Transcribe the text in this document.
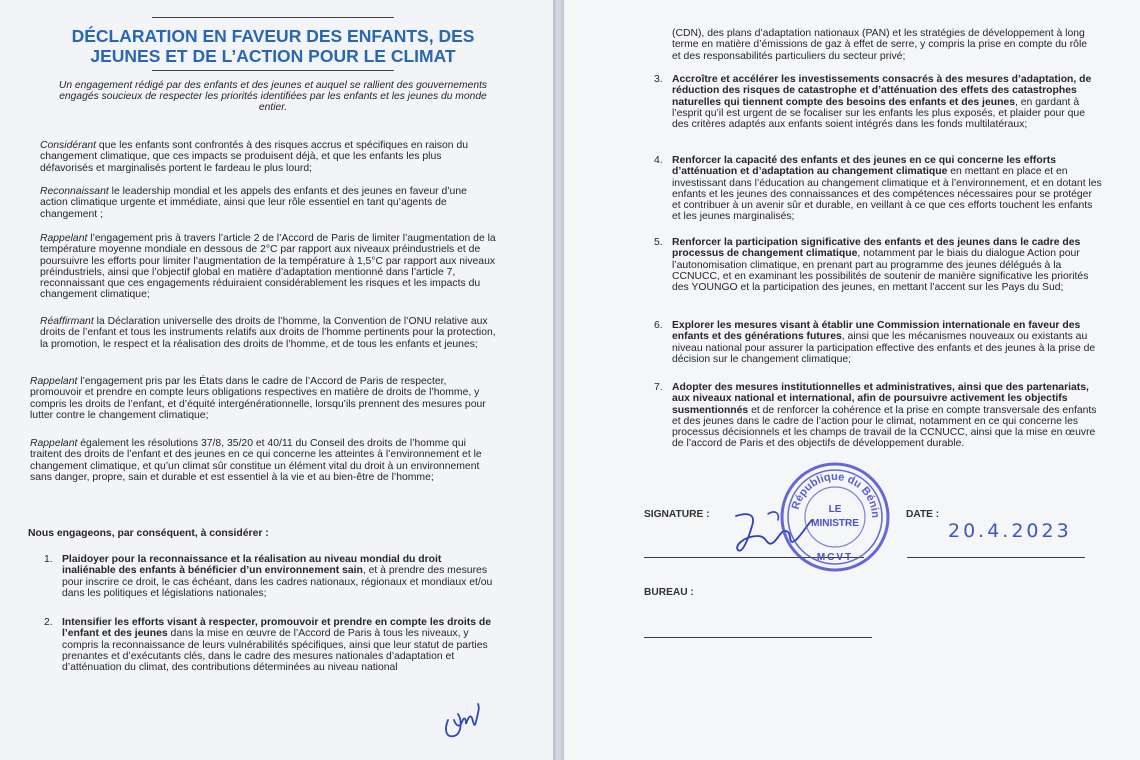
DÉCLARATION EN FAVEUR DES ENFANTS, DES
JEUNES ET DE L’ACTION POUR LE CLIMAT
Un engagement rédigé par des enfants et des jeunes et auquel se rallient des gouvernements engagés soucieux de respecter les priorités identifiées par les enfants et les jeunes du monde entier.
Considérant que les enfants sont confrontés à des risques accrus et spécifiques en raison du changement climatique, que ces impacts se produisent déjà, et que les enfants les plus défavorisés et marginalisés portent le fardeau le plus lourd;
Reconnaissant le leadership mondial et les appels des enfants et des jeunes en faveur d’une action climatique urgente et immédiate, ainsi que leur rôle essentiel en tant qu’agents de changement ;
Rappelant l’engagement pris à travers l’article 2 de l’Accord de Paris de limiter l’augmentation de la température moyenne mondiale en dessous de 2°C par rapport aux niveaux préindustriels et de poursuivre les efforts pour limiter l’augmentation de la température à 1,5°C par rapport aux niveaux préindustriels, ainsi que l’objectif global en matière d’adaptation mentionné dans l’article 7, reconnaissant que ces engagements réduiraient considérablement les risques et les impacts du changement climatique;
Réaffirmant la Déclaration universelle des droits de l’homme, la Convention de l’ONU relative aux droits de l’enfant et tous les instruments relatifs aux droits de l’homme pertinents pour la protection, la promotion, le respect et la réalisation des droits de l’homme, et de tous les enfants et jeunes;
Rappelant l’engagement pris par les États dans le cadre de l’Accord de Paris de respecter, promouvoir et prendre en compte leurs obligations respectives en matière de droits de l’homme, y compris les droits de l’enfant, et d’équité intergénérationnelle, lorsqu’ils prennent des mesures pour lutter contre le changement climatique;
Rappelant également les résolutions 37/8, 35/20 et 40/11 du Conseil des droits de l’homme qui traitent des droits de l’enfant et des jeunes en ce qui concerne les atteintes à l’environnement et le changement climatique, et qu’un climat sûr constitue un élément vital du droit à un environnement sans danger, propre, sain et durable et est essentiel à la vie et au bien-être de l’homme;
Nous engageons, par conséquent, à considérer :
1. Plaidoyer pour la reconnaissance et la réalisation au niveau mondial du droit inaliénable des enfants à bénéficier d’un environnement sain, et à prendre des mesures pour inscrire ce droit, le cas échéant, dans les cadres nationaux, régionaux et mondiaux et/ou dans les politiques et législations nationales;
2. Intensifier les efforts visant à respecter, promouvoir et prendre en compte les droits de l’enfant et des jeunes dans la mise en œuvre de l’Accord de Paris à tous les niveaux, y compris la reconnaissance de leurs vulnérabilités spécifiques, ainsi que leur statut de parties prenantes et d’exécutants clés, dans le cadre des mesures nationales d’adaptation et d’atténuation du climat, des contributions déterminées au niveau national
(CDN), des plans d’adaptation nationaux (PAN) et les stratégies de développement à long terme en matière d’émissions de gaz à effet de serre, y compris la prise en compte du rôle et des responsabilités particuliers du secteur privé;
3. Accroître et accélérer les investissements consacrés à des mesures d’adaptation, de réduction des risques de catastrophe et d’atténuation des effets des catastrophes naturelles qui tiennent compte des besoins des enfants et des jeunes, en gardant à l’esprit qu’il est urgent de se focaliser sur les enfants les plus exposés, et plaider pour que des critères adaptés aux enfants soient intégrés dans les fonds multilatéraux;
4. Renforcer la capacité des enfants et des jeunes en ce qui concerne les efforts d’atténuation et d’adaptation au changement climatique en mettant en place et en investissant dans l’éducation au changement climatique et à l’environnement, et en dotant les enfants et les jeunes des connaissances et des compétences nécessaires pour se protéger et contribuer à un avenir sûr et durable, en veillant à ce que ces efforts touchent les enfants et les jeunes marginalisés;
5. Renforcer la participation significative des enfants et des jeunes dans le cadre des processus de changement climatique, notamment par le biais du dialogue Action pour l’autonomisation climatique, en prenant part au programme des jeunes délégués à la CCNUCC, et en examinant les possibilités de soutenir de manière significative les priorités des YOUNGO et la participation des jeunes, en mettant l’accent sur les Pays du Sud;
6. Explorer les mesures visant à établir une Commission internationale en faveur des enfants et des générations futures, ainsi que les mécanismes nouveaux ou existants au niveau national pour assurer la participation effective des enfants et des jeunes à la prise de décision sur le changement climatique;
7. Adopter des mesures institutionnelles et administratives, ainsi que des partenariats, aux niveaux national et international, afin de poursuivre activement les objectifs susmentionnés et de renforcer la cohérence et la prise en compte transversale des enfants et des jeunes dans le cadre de l’action pour le climat, notamment en ce qui concerne les processus décisionnels et les champs de travail de la CCNUCC, ainsi que la mise en œuvre de l’accord de Paris et des objectifs de développement durable.
SIGNATURE :	DATE :
20.4.2023
BUREAU :
République du Bénin
LE
MINISTRE
MCVT
